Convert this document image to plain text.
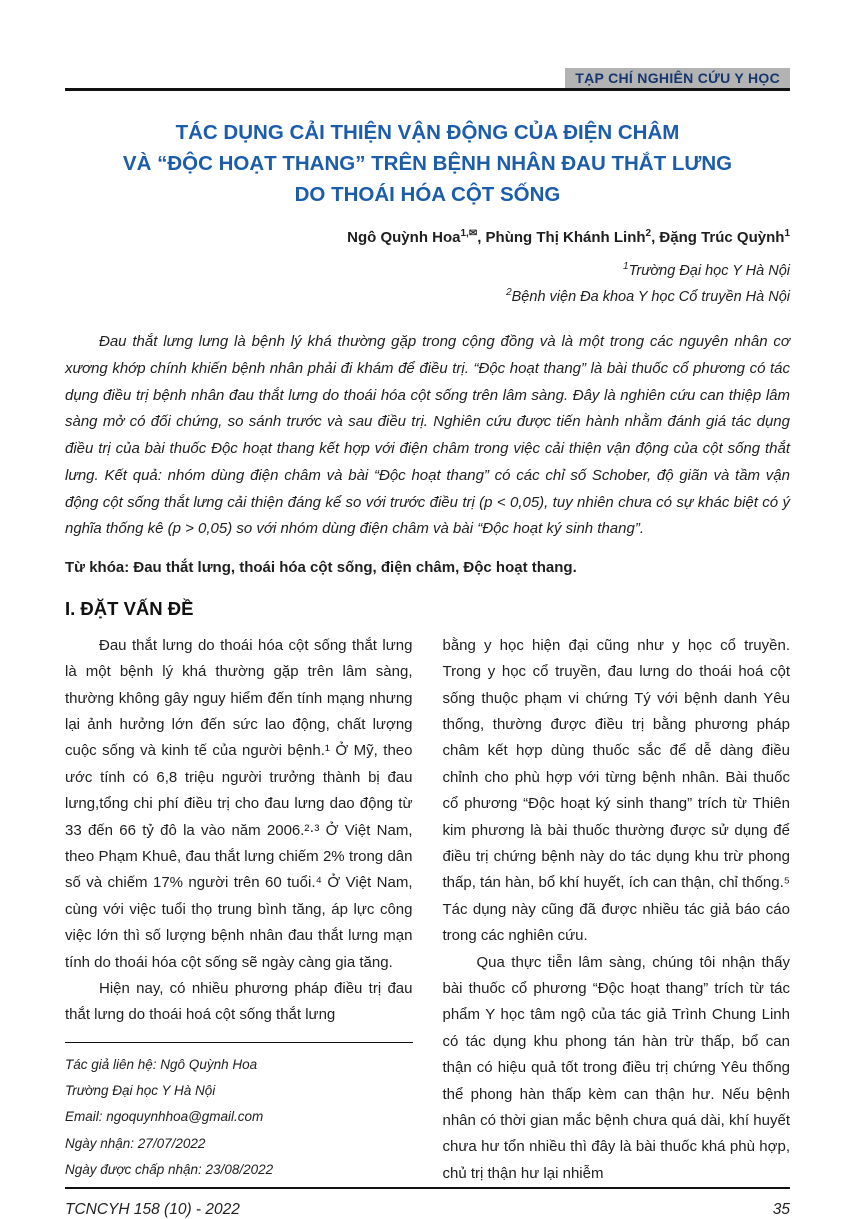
TẠP CHÍ NGHIÊN CỨU Y HỌC
TÁC DỤNG CẢI THIỆN VẬN ĐỘNG CỦA ĐIỆN CHÂM
VÀ “ĐỘC HOẠT THANG” TRÊN BỆNH NHÂN ĐAU THẮT LƯNG
DO THOÁI HÓA CỘT SỐNG

Ngô Quỳnh Hoa$^{1,✉}$, Phùng Thị Khánh Linh$^2$, Đặng Trúc Quỳnh$^1$

$^1$Trường Đại học Y Hà Nội
$^2$Bệnh viện Đa khoa Y học Cổ truyền Hà Nội

Đau thắt lưng lưng là bệnh lý khá thường gặp trong cộng đồng và là một trong các nguyên nhân cơ xương khớp chính khiến bệnh nhân phải đi khám để điều trị. “Độc hoạt thang” là bài thuốc cổ phương có tác dụng điều trị bệnh nhân đau thắt lưng do thoái hóa cột sống trên lâm sàng. Đây là nghiên cứu can thiệp lâm sàng mở có đối chứng, so sánh trước và sau điều trị. Nghiên cứu được tiến hành nhằm đánh giá tác dụng điều trị của bài thuốc Độc hoạt thang kết hợp với điện châm trong việc cải thiện vận động của cột sống thắt lưng. Kết quả: nhóm dùng điện châm và bài “Độc hoạt thang” có các chỉ số Schober, độ giãn và tầm vận động cột sống thắt lưng cải thiện đáng kể so với trước điều trị (p < 0,05), tuy nhiên chưa có sự khác biệt có ý nghĩa thống kê (p > 0,05) so với nhóm dùng điện châm và bài “Độc hoạt ký sinh thang”.

Từ khóa: Đau thắt lưng, thoái hóa cột sống, điện châm, Độc hoạt thang.

I. ĐẶT VẤN ĐỀ

Đau thắt lưng do thoái hóa cột sống thắt lưng là một bệnh lý khá thường gặp trên lâm sàng, thường không gây nguy hiểm đến tính mạng nhưng lại ảnh hưởng lớn đến sức lao động, chất lượng cuộc sống và kinh tế của người bệnh.¹ Ở Mỹ, theo ước tính có 6,8 triệu người trưởng thành bị đau lưng,tổng chi phí điều trị cho đau lưng dao động từ 33 đến 66 tỷ đô la vào năm 2006.²·³ Ở Việt Nam, theo Phạm Khuê, đau thắt lưng chiếm 2% trong dân số và chiếm 17% người trên 60 tuổi.⁴ Ở Việt Nam, cùng với việc tuổi thọ trung bình tăng, áp lực công việc lớn thì số lượng bệnh nhân đau thắt lưng mạn tính do thoái hóa cột sống sẽ ngày càng gia tăng.

Hiện nay, có nhiều phương pháp điều trị đau thắt lưng do thoái hoá cột sống thắt lưng

Tác giả liên hệ: Ngô Quỳnh Hoa

Trường Đại học Y Hà Nội

Email: ngoquynhhoa@gmail.com

Ngày nhận: 27/07/2022

Ngày được chấp nhận: 23/08/2022

bằng y học hiện đại cũng như y học cổ truyền. Trong y học cổ truyền, đau lưng do thoái hoá cột sống thuộc phạm vi chứng Tý với bệnh danh Yêu thống, thường được điều trị bằng phương pháp châm kết hợp dùng thuốc sắc để dễ dàng điều chỉnh cho phù hợp với từng bệnh nhân. Bài thuốc cổ phương “Độc hoạt ký sinh thang” trích từ Thiên kim phương là bài thuốc thường được sử dụng để điều trị chứng bệnh này do tác dụng khu trừ phong thấp, tán hàn, bổ khí huyết, ích can thận, chỉ thống.⁵ Tác dụng này cũng đã được nhiều tác giả báo cáo trong các nghiên cứu.

Qua thực tiễn lâm sàng, chúng tôi nhận thấy bài thuốc cổ phương “Độc hoạt thang” trích từ tác phẩm Y học tâm ngộ của tác giả Trình Chung Linh có tác dụng khu phong tán hàn trừ thấp, bổ can thận có hiệu quả tốt trong điều trị chứng Yêu thống thể phong hàn thấp kèm can thận hư. Nếu bệnh nhân có thời gian mắc bệnh chưa quá dài, khí huyết chưa hư tổn nhiều thì đây là bài thuốc khá phù hợp, chủ trị thận hư lại nhiễm

TCNCYH 158 (10) - 2022	35
